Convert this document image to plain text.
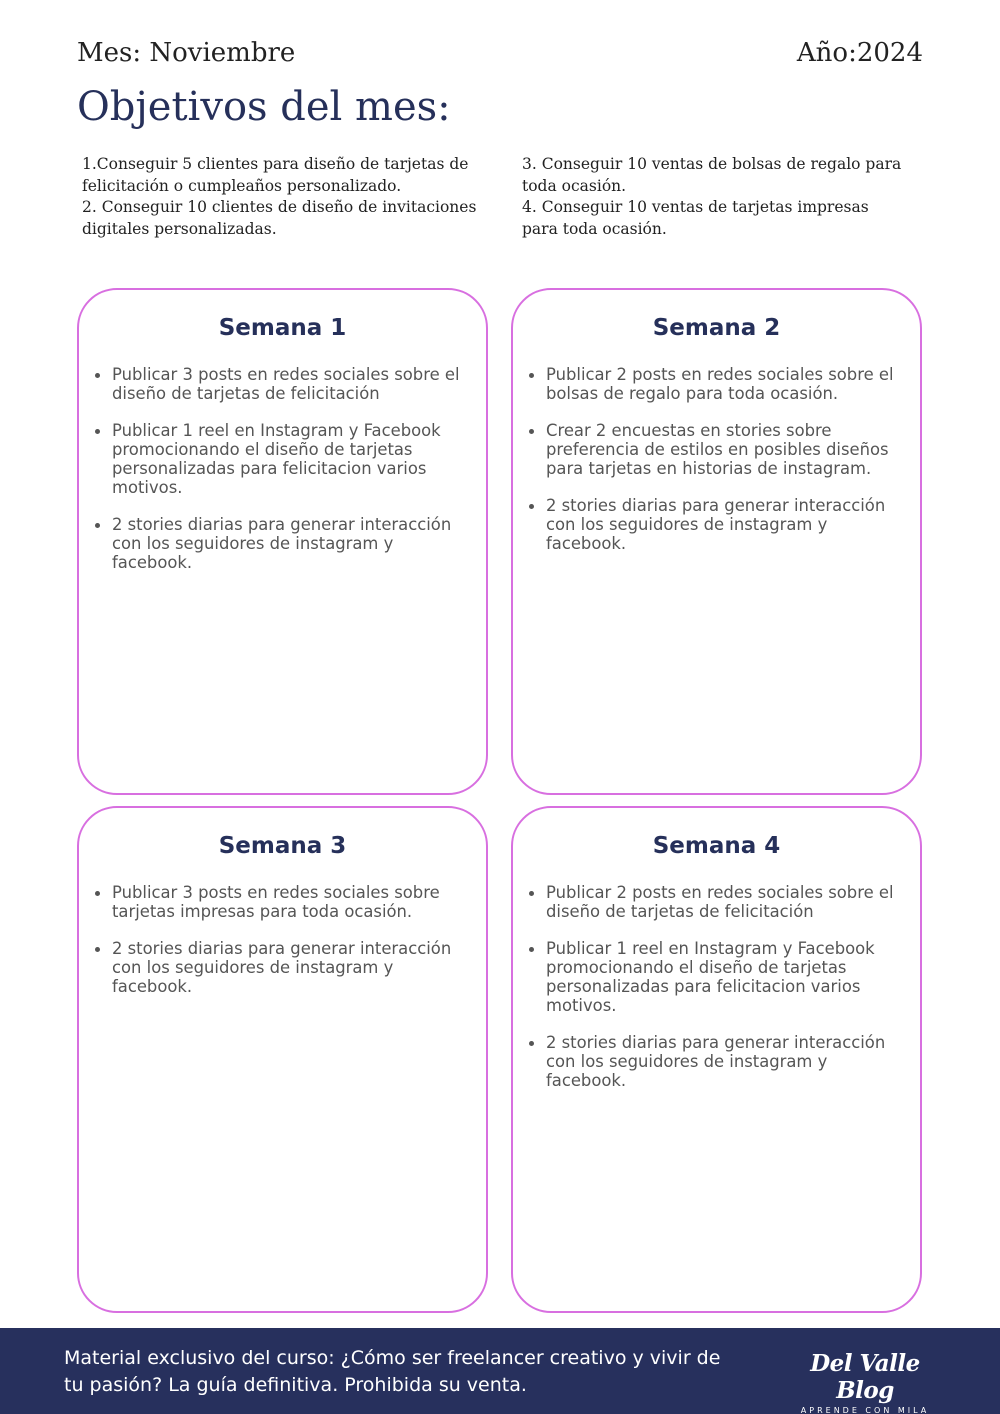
Mes: Noviembre	Año:2024
Objetivos del mes:

1.Conseguir 5 clientes para diseño de tarjetas de felicitación o cumpleaños personalizado.

2. Conseguir 10 clientes de diseño de invitaciones digitales personalizadas.

3. Conseguir 10 ventas de bolsas de regalo para toda ocasión.

4. Conseguir 10 ventas de tarjetas impresas para toda ocasión.

Semana 1
Publicar 3 posts en redes sociales sobre el diseño de tarjetas de felicitación
Publicar 1 reel en Instagram y Facebook promocionando el diseño de tarjetas personalizadas para felicitacion varios motivos.
2 stories diarias para generar interacción con los seguidores de instagram y facebook.
Semana 2
Publicar 2 posts en redes sociales sobre el bolsas de regalo para toda ocasión.
Crear 2 encuestas en stories sobre preferencia de estilos en posibles diseños para tarjetas en historias de instagram.
2 stories diarias para generar interacción con los seguidores de instagram y facebook.
Semana 3
Publicar 3 posts en redes sociales sobre tarjetas impresas para toda ocasión.
2 stories diarias para generar interacción con los seguidores de instagram y facebook.
Semana 4
Publicar 2 posts en redes sociales sobre el diseño de tarjetas de felicitación
Publicar 1 reel en Instagram y Facebook promocionando el diseño de tarjetas personalizadas para felicitacion varios motivos.
2 stories diarias para generar interacción con los seguidores de instagram y facebook.
Material exclusivo del curso: ¿Cómo ser freelancer creativo y vivir de tu pasión? La guía definitiva. Prohibida su venta.
Del Valle Blog
APRENDE CON MILA
